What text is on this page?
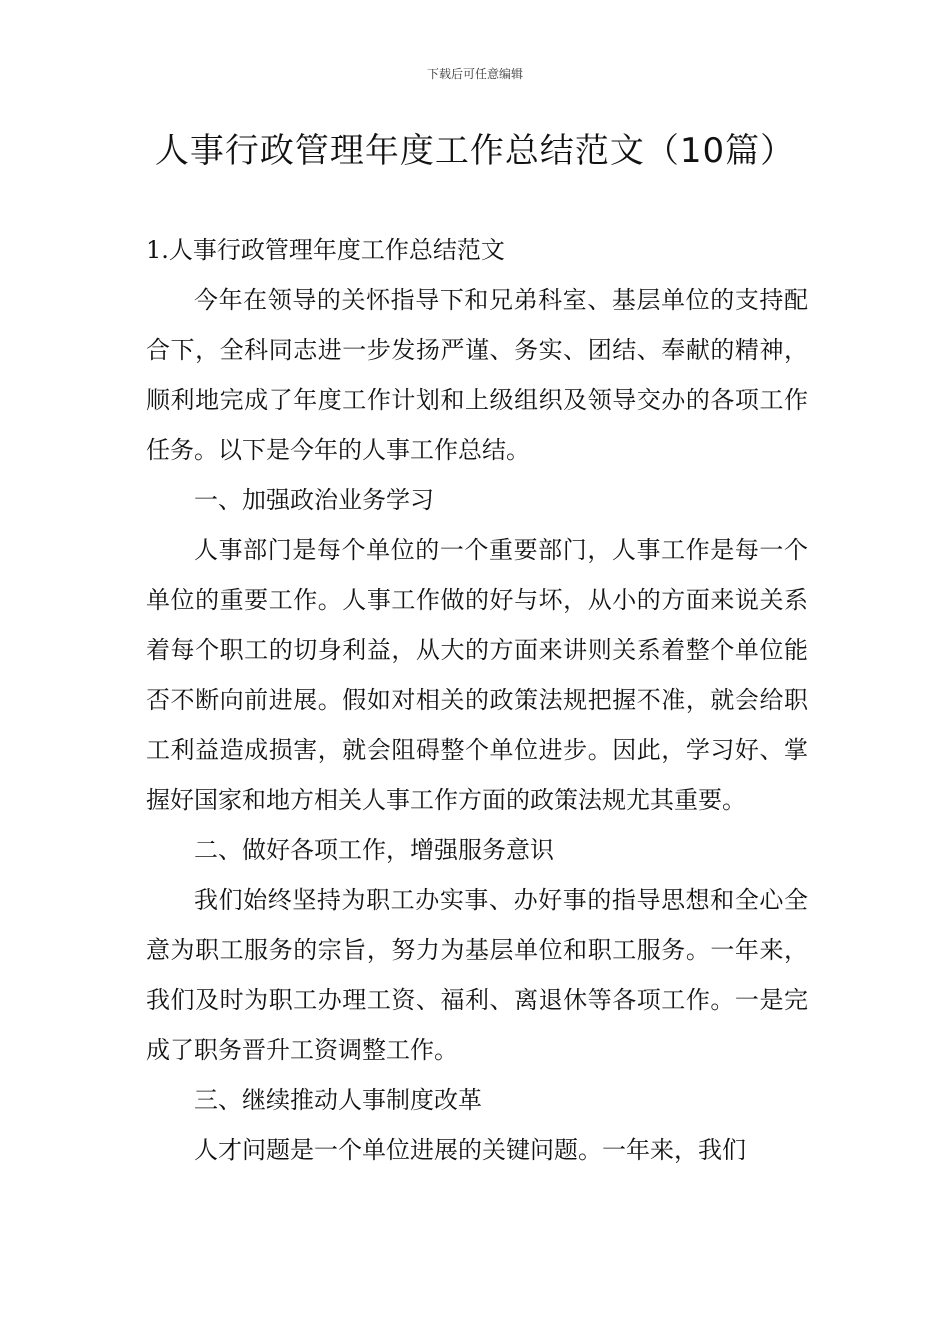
下载后可任意编辑
人事行政管理年度工作总结范文（10篇）

1.人事行政管理年度工作总结范文

今年在领导的关怀指导下和兄弟科室、基层单位的支持配合下，全科同志进一步发扬严谨、务实、团结、奉献的精神，顺利地完成了年度工作计划和上级组织及领导交办的各项工作任务。以下是今年的人事工作总结。

一、加强政治业务学习

人事部门是每个单位的一个重要部门，人事工作是每一个单位的重要工作。人事工作做的好与坏，从小的方面来说关系着每个职工的切身利益，从大的方面来讲则关系着整个单位能否不断向前进展。假如对相关的政策法规把握不准，就会给职工利益造成损害，就会阻碍整个单位进步。因此，学习好、掌握好国家和地方相关人事工作方面的政策法规尤其重要。

二、做好各项工作，增强服务意识

我们始终坚持为职工办实事、办好事的指导思想和全心全意为职工服务的宗旨，努力为基层单位和职工服务。一年来，我们及时为职工办理工资、福利、离退休等各项工作。一是完成了职务晋升工资调整工作。

三、继续推动人事制度改革

人才问题是一个单位进展的关键问题。一年来，我们
